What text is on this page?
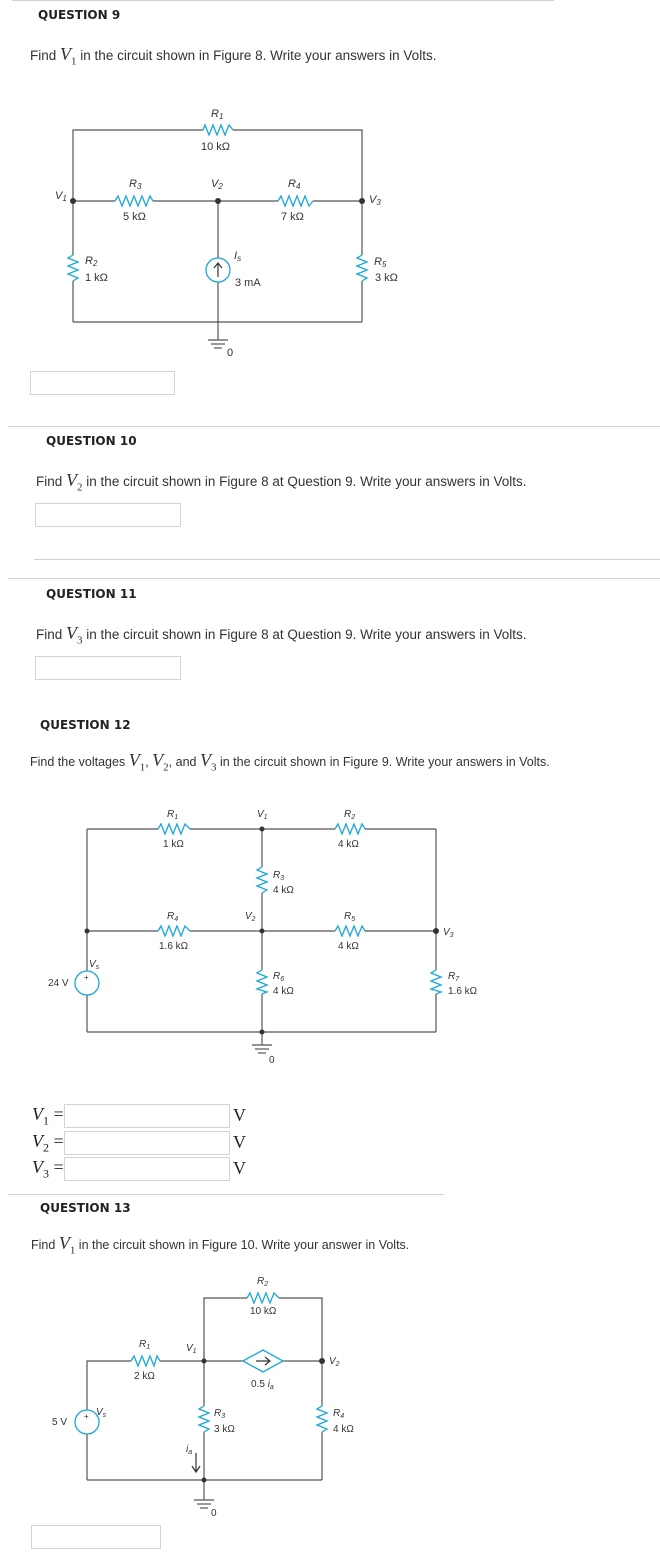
QUESTION 9
Find $V_1$ in the circuit shown in Figure 8. Write your answers in Volts.
R1
10 kΩ
R3
5 kΩ
V2	R4
7 kΩ
V1	V3
R2
1 kΩ
R5
3 kΩ
Is
3 mA
0
QUESTION 10
Find $V_2$ in the circuit shown in Figure 8 at Question 9. Write your answers in Volts.
QUESTION 11
Find $V_3$ in the circuit shown in Figure 8 at Question 9. Write your answers in Volts.
QUESTION 12
Find the voltages $V_1$, $V_2$, and $V_3$ in the circuit shown in Figure 9. Write your answers in Volts.
+
$R_1$
1 kΩ
$R_2$
4 kΩ
$V_1$
$R_3$
4 kΩ
$R_4$
1.6 kΩ
$V_2$	$R_5$
4 kΩ
$V_3$
$V_s$
24 V
$R_6$
4 kΩ
$R_7$
1.6 kΩ
0
$V_1$ =	V
$V_2$ =	V
$V_3$ =	V
QUESTION 13
Find $V_1$ in the circuit shown in Figure 10. Write your answer in Volts.
+
$R_2$
10 kΩ
$R_1$
2 kΩ
$V_1$
$V_2$
0.5 $i_a$
$V_s$
5 V
$R_3$
3 kΩ
$R_4$
4 kΩ
$i_a$
0
